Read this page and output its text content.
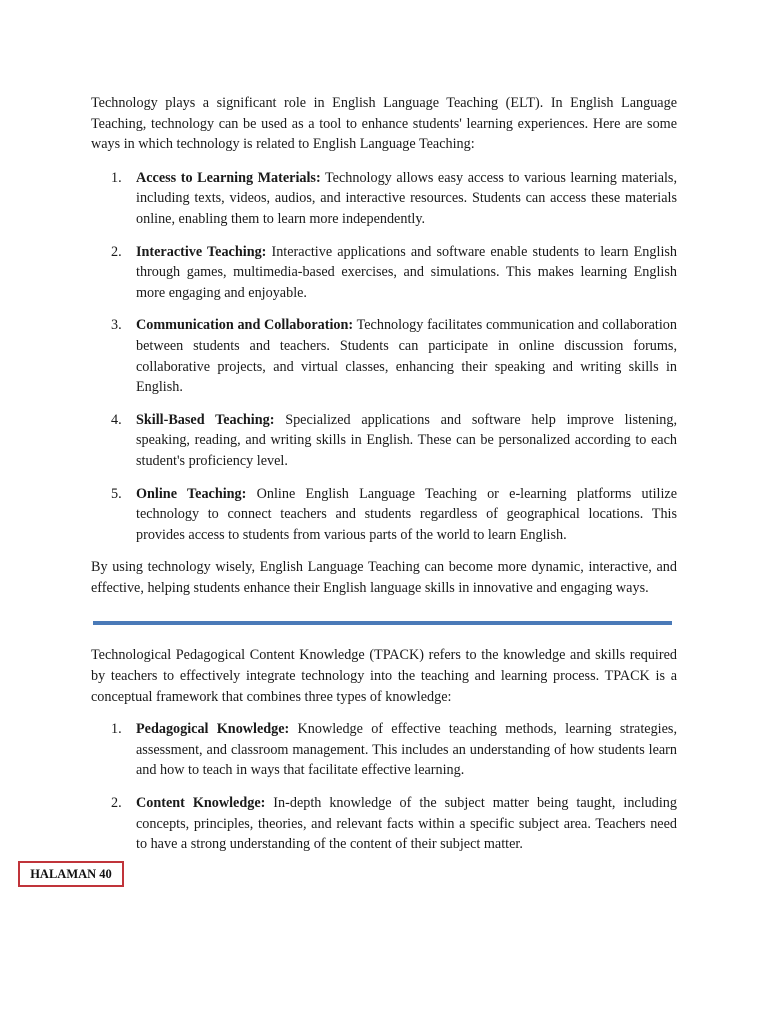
Technology plays a significant role in English Language Teaching (ELT). In English Language Teaching, technology can be used as a tool to enhance students' learning experiences. Here are some ways in which technology is related to English Language Teaching:

1. Access to Learning Materials: Technology allows easy access to various learning materials, including texts, videos, audios, and interactive resources. Students can access these materials online, enabling them to learn more independently.
2. Interactive Teaching: Interactive applications and software enable students to learn English through games, multimedia-based exercises, and simulations. This makes learning English more engaging and enjoyable.
3. Communication and Collaboration: Technology facilitates communication and collaboration between students and teachers. Students can participate in online discussion forums, collaborative projects, and virtual classes, enhancing their speaking and writing skills in English.
4. Skill-Based Teaching: Specialized applications and software help improve listening, speaking, reading, and writing skills in English. These can be personalized according to each student's proficiency level.
5. Online Teaching: Online English Language Teaching or e-learning platforms utilize technology to connect teachers and students regardless of geographical locations. This provides access to students from various parts of the world to learn English.

By using technology wisely, English Language Teaching can become more dynamic, interactive, and effective, helping students enhance their English language skills in innovative and engaging ways.

Technological Pedagogical Content Knowledge (TPACK) refers to the knowledge and skills required by teachers to effectively integrate technology into the teaching and learning process. TPACK is a conceptual framework that combines three types of knowledge:

1. Pedagogical Knowledge: Knowledge of effective teaching methods, learning strategies, assessment, and classroom management. This includes an understanding of how students learn and how to teach in ways that facilitate effective learning.
2. Content Knowledge: In-depth knowledge of the subject matter being taught, including concepts, principles, theories, and relevant facts within a specific subject area. Teachers need to have a strong understanding of the content of their subject matter.
HALAMAN 40
